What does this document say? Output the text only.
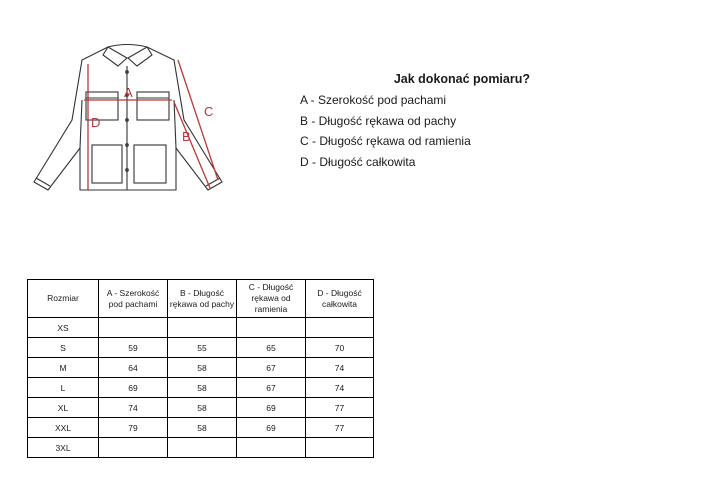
A
B
C
D
Jak dokonać pomiaru?
A - Szerokość pod pachami
B - Długość rękawa od pachy
C - Długość rękawa od ramienia
D - Długość całkowita
Rozmiar	A - Szerokość pod pachami	B - Długość rękawa od pachy	C - Długość rękawa od ramienia	D - Długość całkowita
XS				
S	59	55	65	70
M	64	58	67	74
L	69	58	67	74
XL	74	58	69	77
XXL	79	58	69	77
3XL				
